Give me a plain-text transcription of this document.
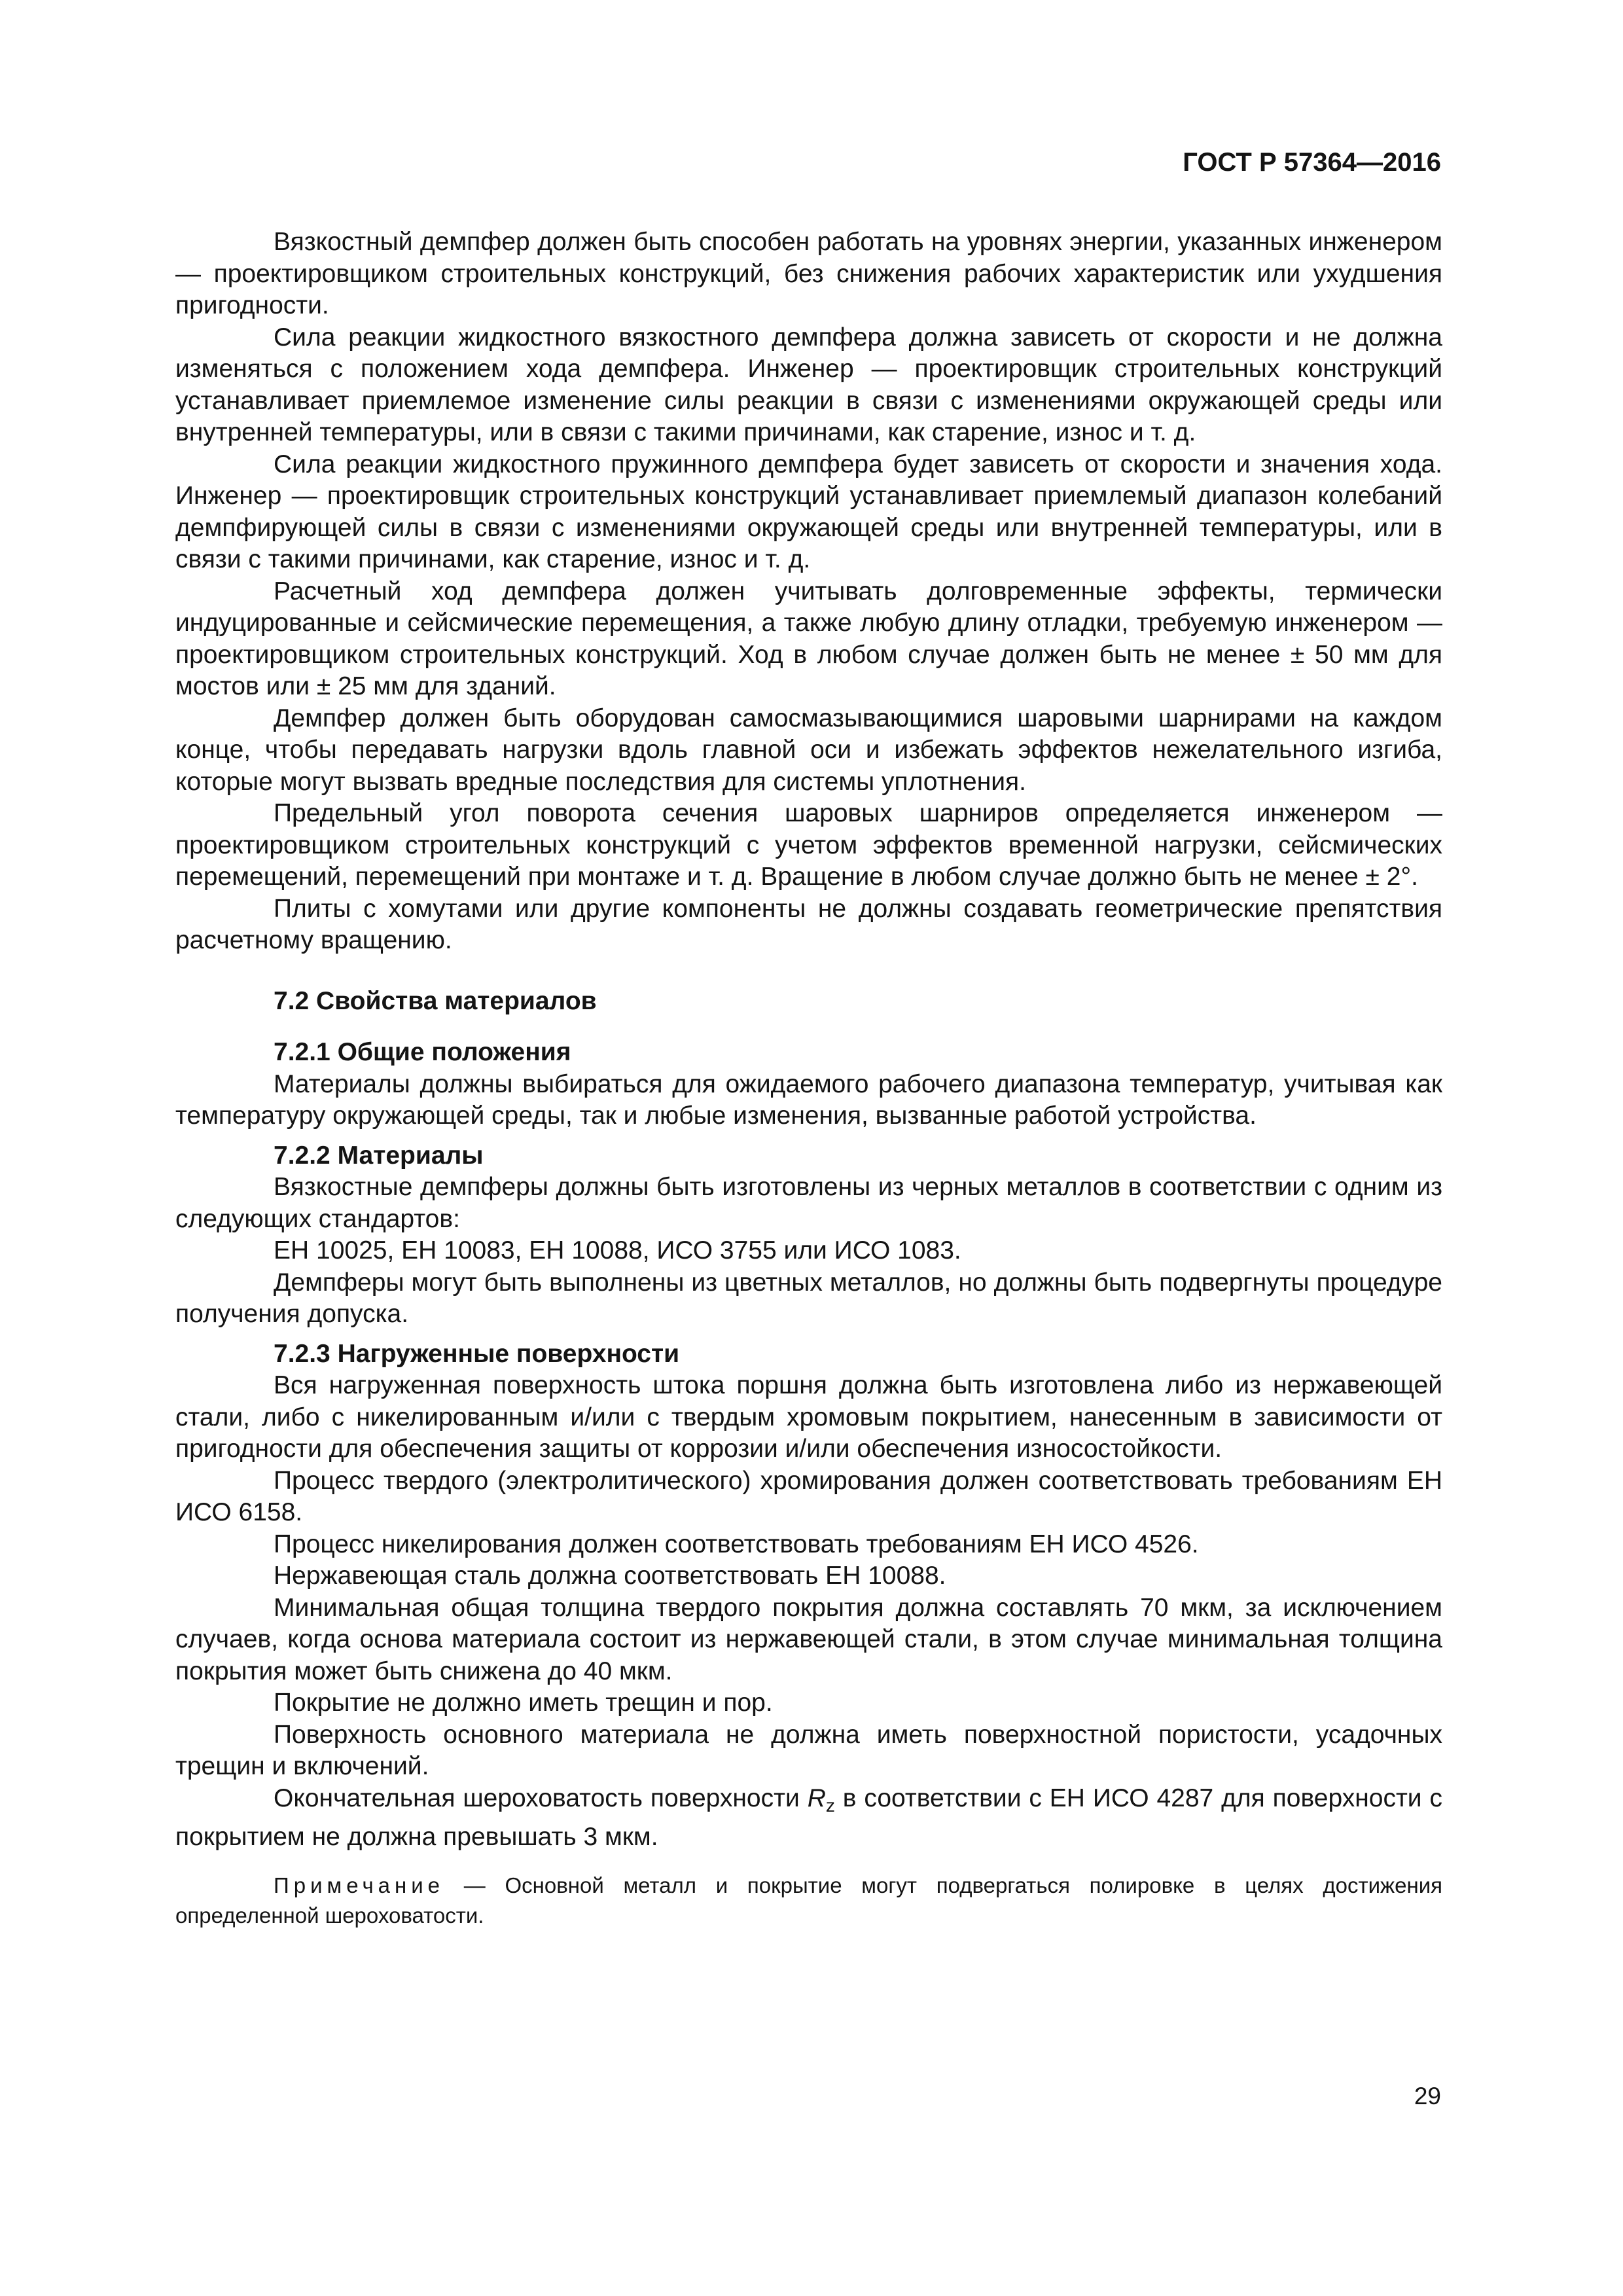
ГОСТ Р 57364—2016

Вязкостный демпфер должен быть способен работать на уровнях энергии, указанных инженером — проектировщиком строительных конструкций, без снижения рабочих характеристик или ухудшения пригодности.

Сила реакции жидкостного вязкостного демпфера должна зависеть от скорости и не должна изменяться с положением хода демпфера. Инженер — проектировщик строительных конструкций устанавливает приемлемое изменение силы реакции в связи с изменениями окружающей среды или внутренней температуры, или в связи с такими причинами, как старение, износ и т. д.

Сила реакции жидкостного пружинного демпфера будет зависеть от скорости и значения хода. Инженер — проектировщик строительных конструкций устанавливает приемлемый диапазон колебаний демпфирующей силы в связи с изменениями окружающей среды или внутренней температуры, или в связи с такими причинами, как старение, износ и т. д.

Расчетный ход демпфера должен учитывать долговременные эффекты, термически индуцированные и сейсмические перемещения, а также любую длину отладки, требуемую инженером — проектировщиком строительных конструкций. Ход в любом случае должен быть не менее ± 50 мм для мостов или ± 25 мм для зданий.

Демпфер должен быть оборудован самосмазывающимися шаровыми шарнирами на каждом конце, чтобы передавать нагрузки вдоль главной оси и избежать эффектов нежелательного изгиба, которые могут вызвать вредные последствия для системы уплотнения.

Предельный угол поворота сечения шаровых шарниров определяется инженером — проектировщиком строительных конструкций с учетом эффектов временной нагрузки, сейсмических перемещений, перемещений при монтаже и т. д. Вращение в любом случае должно быть не менее ± 2°.

Плиты с хомутами или другие компоненты не должны создавать геометрические препятствия расчетному вращению.

7.2 Свойства материалов
7.2.1 Общие положения

Материалы должны выбираться для ожидаемого рабочего диапазона температур, учитывая как температуру окружающей среды, так и любые изменения, вызванные работой устройства.

7.2.2 Материалы

Вязкостные демпферы должны быть изготовлены из черных металлов в соответствии с одним из следующих стандартов:

ЕН 10025, ЕН 10083, ЕН 10088, ИСО 3755 или ИСО 1083.

Демпферы могут быть выполнены из цветных металлов, но должны быть подвергнуты процедуре получения допуска.

7.2.3 Нагруженные поверхности

Вся нагруженная поверхность штока поршня должна быть изготовлена либо из нержавеющей стали, либо с никелированным и/или с твердым хромовым покрытием, нанесенным в зависимости от пригодности для обеспечения защиты от коррозии и/или обеспечения износостойкости.

Процесс твердого (электролитического) хромирования должен соответствовать требованиям ЕН ИСО 6158.

Процесс никелирования должен соответствовать требованиям ЕН ИСО 4526.

Нержавеющая сталь должна соответствовать ЕН 10088.

Минимальная общая толщина твердого покрытия должна составлять 70 мкм, за исключением случаев, когда основа материала состоит из нержавеющей стали, в этом случае минимальная толщина покрытия может быть снижена до 40 мкм.

Покрытие не должно иметь трещин и пор.

Поверхность основного материала не должна иметь поверхностной пористости, усадочных трещин и включений.

Окончательная шероховатость поверхности $R_z$ в соответствии с ЕН ИСО 4287 для поверхности с покрытием не должна превышать 3 мкм.

Примечание — Основной металл и покрытие могут подвергаться полировке в целях достижения определенной шероховатости.
29
